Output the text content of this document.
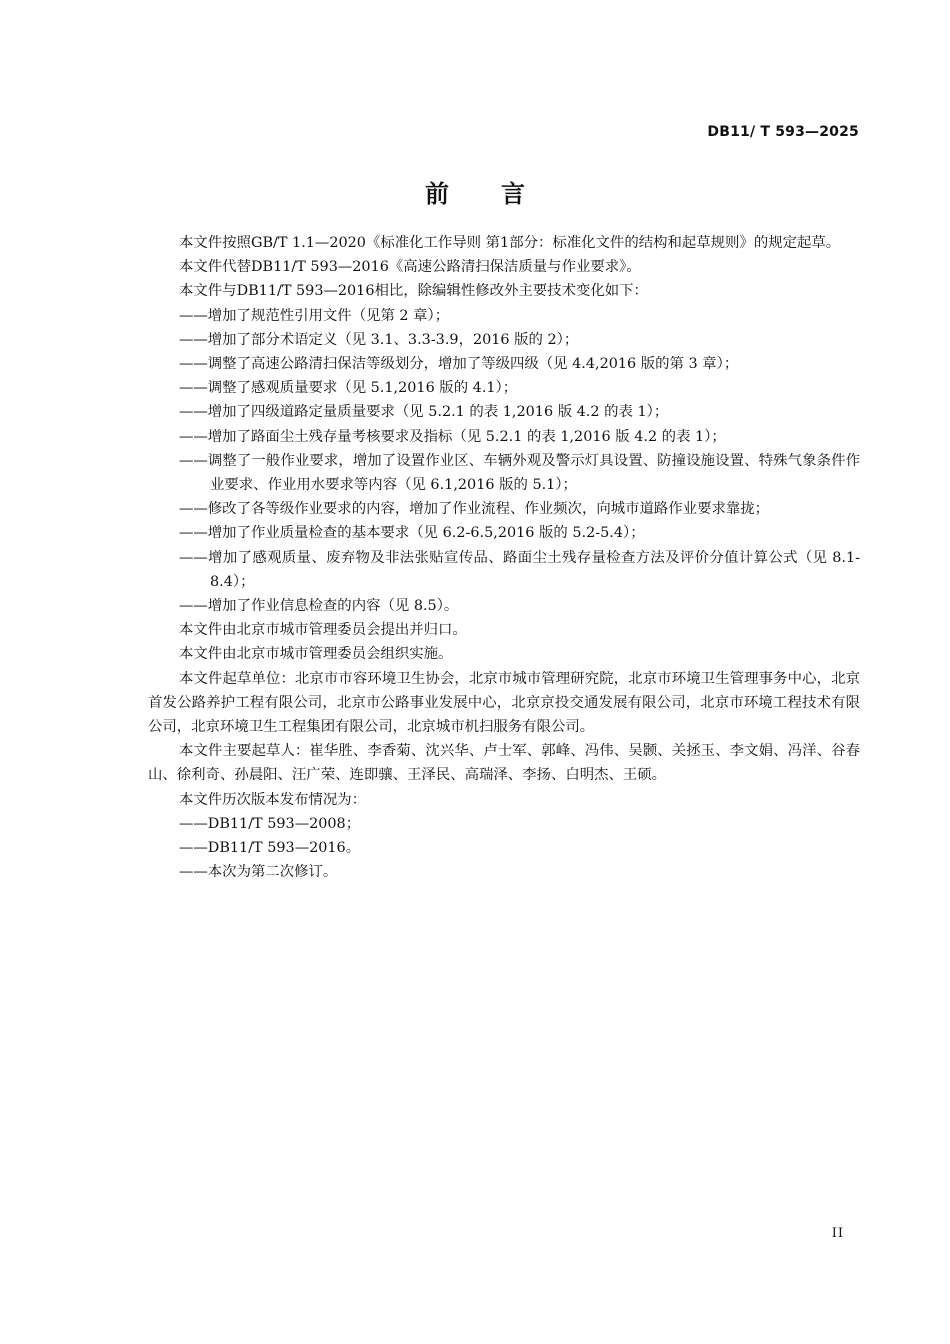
DB11/ T 593—2025
前 言

本文件按照GB/T 1.1—2020《标准化工作导则 第1部分：标准化文件的结构和起草规则》的规定起草。

本文件代替DB11/T 593—2016《高速公路清扫保洁质量与作业要求》。

本文件与DB11/T 593—2016相比，除编辑性修改外主要技术变化如下：

——增加了规范性引用文件（见第 2 章）；

——增加了部分术语定义（见 3.1、3.3-3.9，2016 版的 2）；

——调整了高速公路清扫保洁等级划分，增加了等级四级（见 4.4,2016 版的第 3 章）；

——调整了感观质量要求（见 5.1,2016 版的 4.1）；

——增加了四级道路定量质量要求（见 5.2.1 的表 1,2016 版 4.2 的表 1）；

——增加了路面尘土残存量考核要求及指标（见 5.2.1 的表 1,2016 版 4.2 的表 1）；

——调整了一般作业要求，增加了设置作业区、车辆外观及警示灯具设置、防撞设施设置、特殊气象条件作业要求、作业用水要求等内容（见 6.1,2016 版的 5.1）；

——修改了各等级作业要求的内容，增加了作业流程、作业频次，向城市道路作业要求靠拢；

——增加了作业质量检查的基本要求（见 6.2-6.5,2016 版的 5.2-5.4）；

——增加了感观质量、废弃物及非法张贴宣传品、路面尘土残存量检查方法及评价分值计算公式（见 8.1-8.4）；

——增加了作业信息检查的内容（见 8.5）。

本文件由北京市城市管理委员会提出并归口。

本文件由北京市城市管理委员会组织实施。

本文件起草单位：北京市市容环境卫生协会，北京市城市管理研究院，北京市环境卫生管理事务中心，北京首发公路养护工程有限公司，北京市公路事业发展中心，北京京投交通发展有限公司，北京市环境工程技术有限公司，北京环境卫生工程集团有限公司，北京城市机扫服务有限公司。

本文件主要起草人：崔华胜、李香菊、沈兴华、卢士军、郭峰、冯伟、吴颢、关拯玉、李文娟、冯洋、谷春山、徐利奇、孙晨阳、汪广荣、连即骧、王泽民、高瑞泽、李扬、白明杰、王硕。

本文件历次版本发布情况为：

——DB11/T 593—2008；

——DB11/T 593—2016。

——本次为第二次修订。

II
